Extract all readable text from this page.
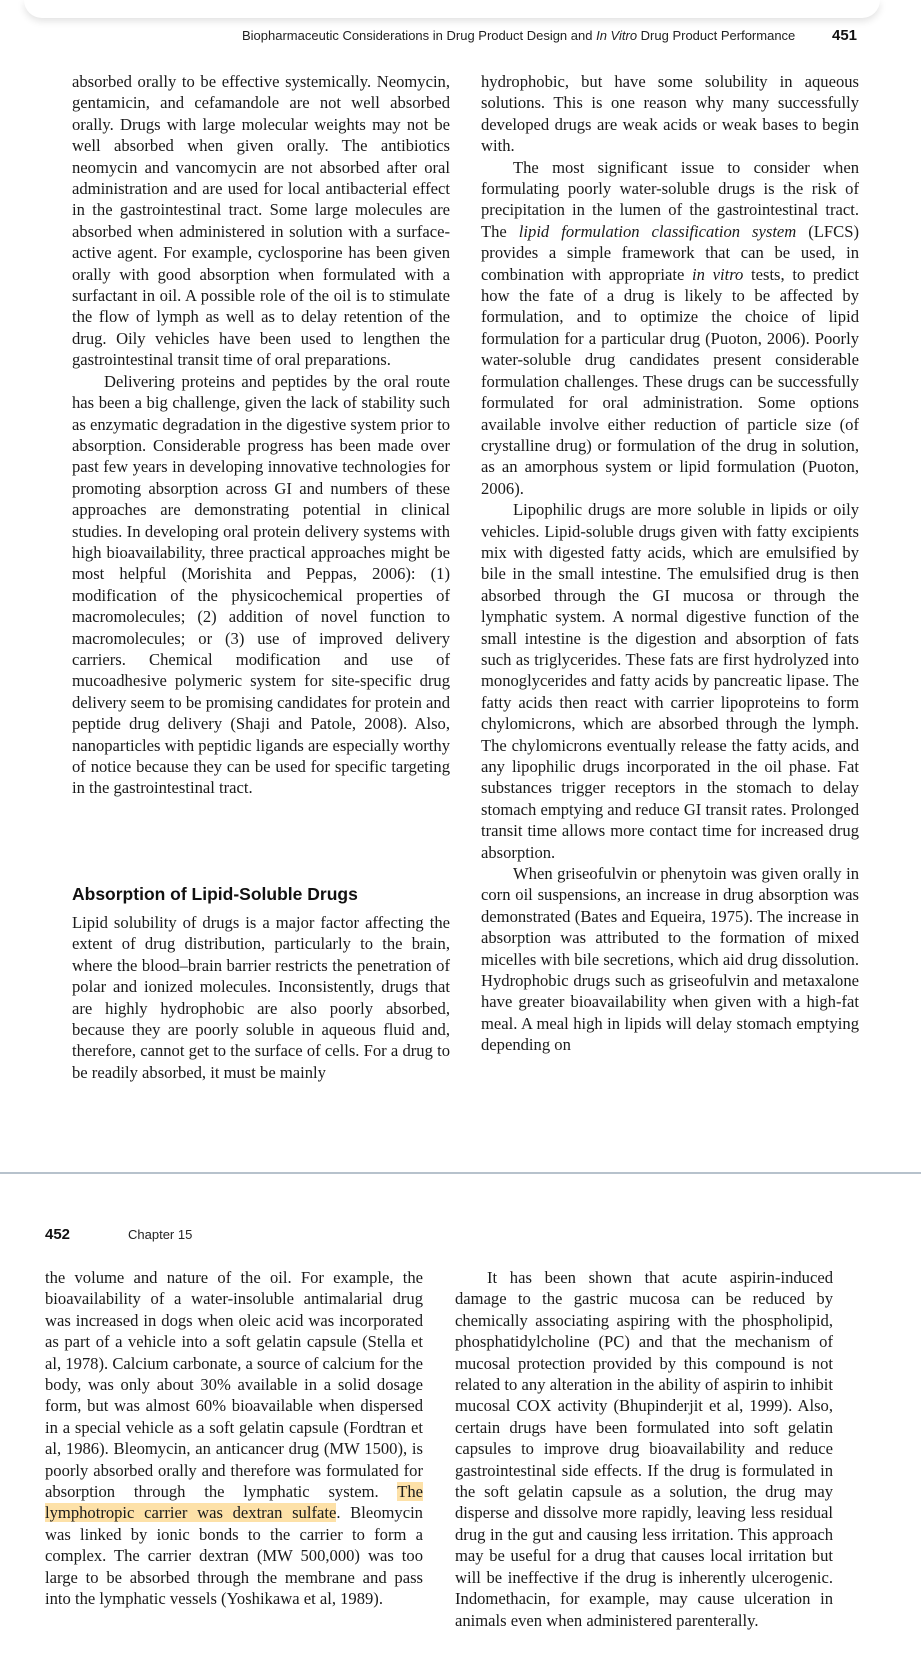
Biopharmaceutic Considerations in Drug Product Design and In Vitro Drug Product Performance 451

absorbed orally to be effective systemically. Neomycin, gentamicin, and cefamandole are not well absorbed orally. Drugs with large molecular weights may not be well absorbed when given orally. The antibiotics neomycin and vancomycin are not absorbed after oral administration and are used for local antibacterial effect in the gastrointestinal tract. Some large molecules are absorbed when administered in solution with a surface-active agent. For example, cyclosporine has been given orally with good absorption when formulated with a surfactant in oil. A possible role of the oil is to stimulate the flow of lymph as well as to delay retention of the drug. Oily vehicles have been used to lengthen the gastrointestinal transit time of oral preparations.

Delivering proteins and peptides by the oral route has been a big challenge, given the lack of stability such as enzymatic degradation in the digestive system prior to absorption. Considerable progress has been made over past few years in developing innovative technologies for promoting absorption across GI and numbers of these approaches are demonstrating potential in clinical studies. In developing oral protein delivery systems with high bioavailability, three practical approaches might be most helpful (Morishita and Peppas, 2006): (1) modification of the physicochemical properties of macromolecules; (2) addition of novel function to macromolecules; or (3) use of improved delivery carriers. Chemical modification and use of mucoadhesive polymeric system for site-specific drug delivery seem to be promising candidates for protein and peptide drug delivery (Shaji and Patole, 2008). Also, nanoparticles with peptidic ligands are especially worthy of notice because they can be used for specific targeting in the gastrointestinal tract.

Absorption of Lipid-Soluble Drugs

Lipid solubility of drugs is a major factor affecting the extent of drug distribution, particularly to the brain, where the blood–brain barrier restricts the penetration of polar and ionized molecules. Inconsistently, drugs that are highly hydrophobic are also poorly absorbed, because they are poorly soluble in aqueous fluid and, therefore, cannot get to the surface of cells. For a drug to be readily absorbed, it must be mainly

hydrophobic, but have some solubility in aqueous solutions. This is one reason why many successfully developed drugs are weak acids or weak bases to begin with.

The most significant issue to consider when formulating poorly water-soluble drugs is the risk of precipitation in the lumen of the gastrointestinal tract. The lipid formulation classification system (LFCS) provides a simple framework that can be used, in combination with appropriate in vitro tests, to predict how the fate of a drug is likely to be affected by formulation, and to optimize the choice of lipid formulation for a particular drug (Puoton, 2006). Poorly water-soluble drug candidates present considerable formulation challenges. These drugs can be successfully formulated for oral administration. Some options available involve either reduction of particle size (of crystalline drug) or formulation of the drug in solution, as an amorphous system or lipid formulation (Puoton, 2006).

Lipophilic drugs are more soluble in lipids or oily vehicles. Lipid-soluble drugs given with fatty excipients mix with digested fatty acids, which are emulsified by bile in the small intestine. The emulsified drug is then absorbed through the GI mucosa or through the lymphatic system. A normal digestive function of the small intestine is the digestion and absorption of fats such as triglycerides. These fats are first hydrolyzed into monoglycerides and fatty acids by pancreatic lipase. The fatty acids then react with carrier lipoproteins to form chylomicrons, which are absorbed through the lymph. The chylomicrons eventually release the fatty acids, and any lipophilic drugs incorporated in the oil phase. Fat substances trigger receptors in the stomach to delay stomach emptying and reduce GI transit rates. Prolonged transit time allows more contact time for increased drug absorption.

When griseofulvin or phenytoin was given orally in corn oil suspensions, an increase in drug absorption was demonstrated (Bates and Equeira, 1975). The increase in absorption was attributed to the formation of mixed micelles with bile secretions, which aid drug dissolution. Hydrophobic drugs such as griseofulvin and metaxalone have greater bioavailability when given with a high-fat meal. A meal high in lipids will delay stomach emptying depending on

452	Chapter 15

the volume and nature of the oil. For example, the bioavailability of a water-insoluble antimalarial drug was increased in dogs when oleic acid was incorporated as part of a vehicle into a soft gelatin capsule (Stella et al, 1978). Calcium carbonate, a source of calcium for the body, was only about 30% available in a solid dosage form, but was almost 60% bioavailable when dispersed in a special vehicle as a soft gelatin capsule (Fordtran et al, 1986). Bleomycin, an anticancer drug (MW 1500), is poorly absorbed orally and therefore was formulated for absorption through the lymphatic system. The lymphotropic carrier was dextran sulfate. Bleomycin was linked by ionic bonds to the carrier to form a complex. The carrier dextran (MW 500,000) was too large to be absorbed through the membrane and pass into the lymphatic vessels (Yoshikawa et al, 1989).

It has been shown that acute aspirin-induced damage to the gastric mucosa can be reduced by chemically associating aspiring with the phospholipid, phosphatidylcholine (PC) and that the mechanism of mucosal protection provided by this compound is not related to any alteration in the ability of aspirin to inhibit mucosal COX activity (Bhupinderjit et al, 1999). Also, certain drugs have been formulated into soft gelatin capsules to improve drug bioavailability and reduce gastrointestinal side effects. If the drug is formulated in the soft gelatin capsule as a solution, the drug may disperse and dissolve more rapidly, leaving less residual drug in the gut and causing less irritation. This approach may be useful for a drug that causes local irritation but will be ineffective if the drug is inherently ulcerogenic. Indomethacin, for example, may cause ulceration in animals even when administered parenterally.
